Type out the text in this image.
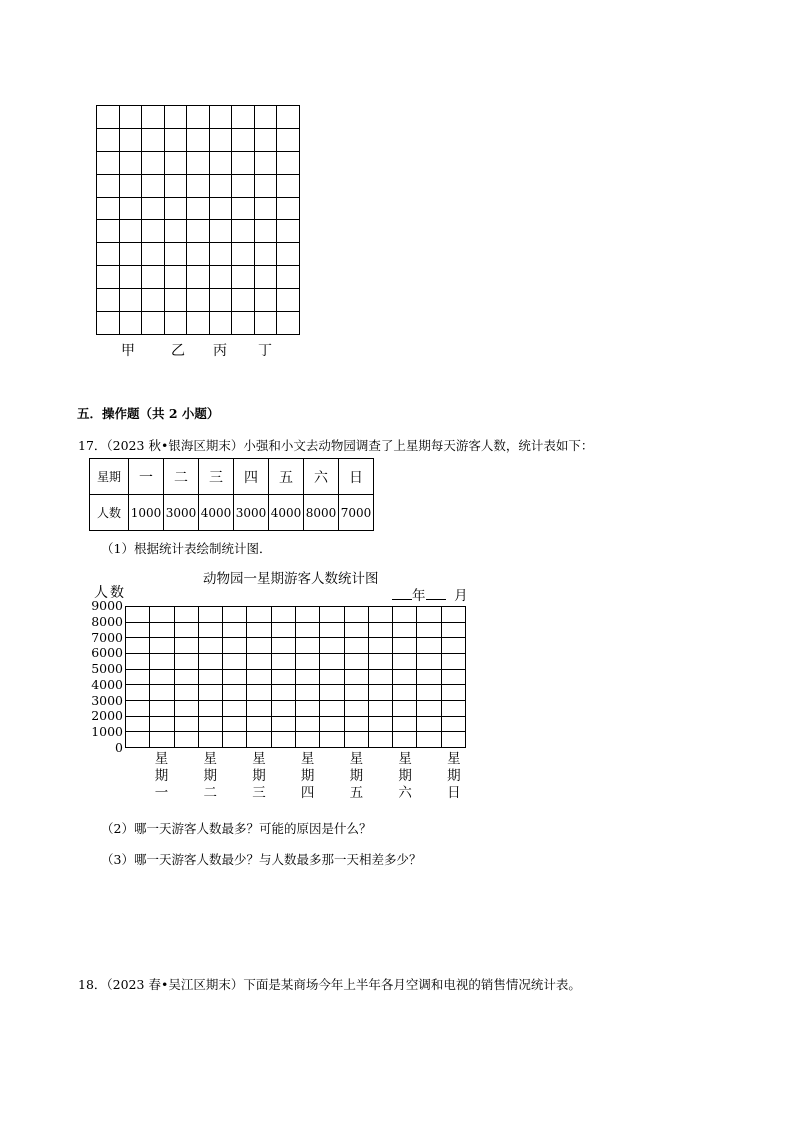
甲	乙 丙 丁
五．操作题（共 2 小题）
17．（2023 秋•银海区期末）小强和小文去动物园调查了上星期每天游客人数，统计表如下：
星期	一	二	三	四	五	六	日
人数	1000	3000	4000	3000	4000	8000	7000
（1）根据统计表绘制统计图．
动物园一星期游客人数统计图
人数	年 月
9000
8000
7000
6000
5000
4000
3000
2000
1000
0
星
期
一
星
期
二
星
期
三
星
期
四
星
期
五
星
期
六
星
期
日
（2）哪一天游客人数最多？可能的原因是什么？
（3）哪一天游客人数最少？与人数最多那一天相差多少？
18．（2023 春•吴江区期末）下面是某商场今年上半年各月空调和电视的销售情况统计表。
